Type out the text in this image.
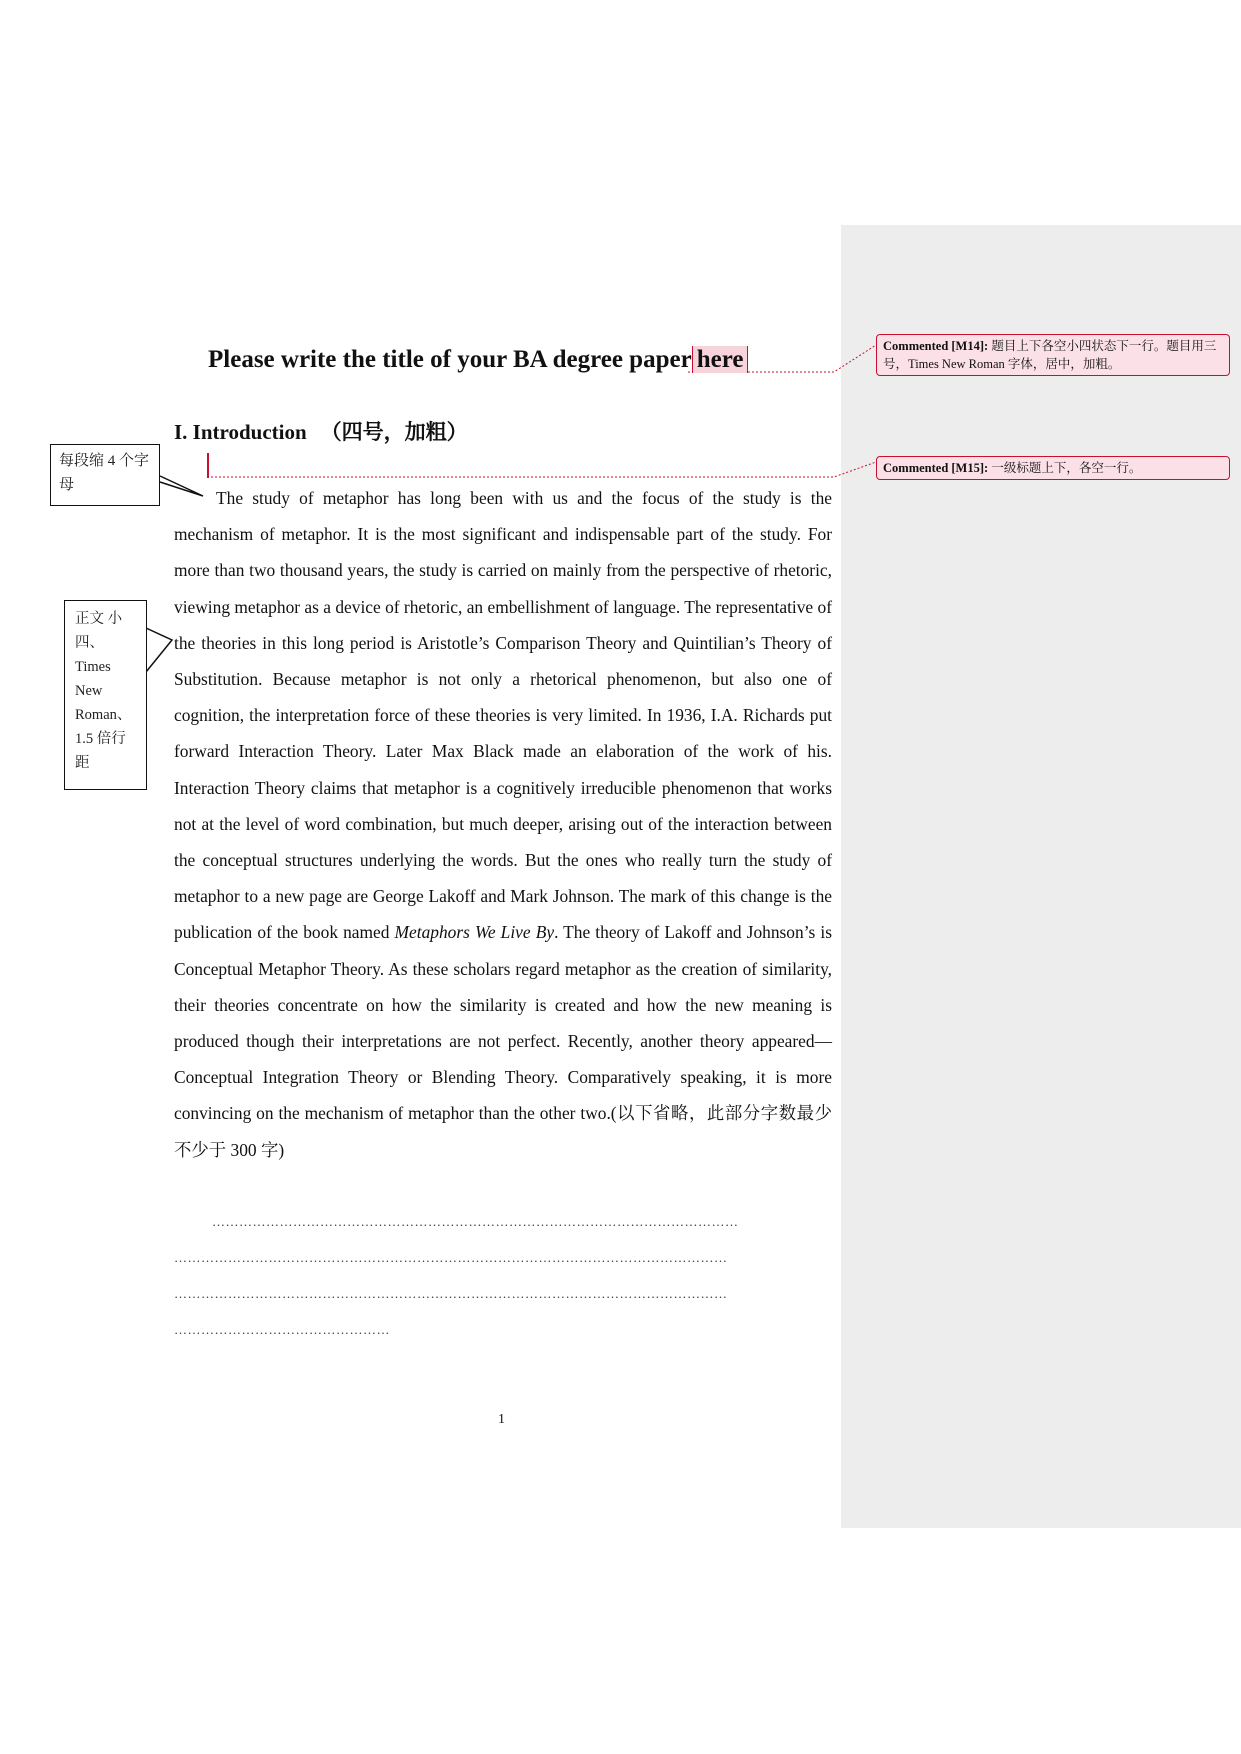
Please write the title of your BA degree paper here
I. Introduction （四号，加粗）

The study of metaphor has long been with us and the focus of the study is the mechanism of metaphor. It is the most significant and indispensable part of the study. For more than two thousand years, the study is carried on mainly from the perspective of rhetoric, viewing metaphor as a device of rhetoric, an embellishment of language. The representative of the theories in this long period is Aristotle’s Comparison Theory and Quintilian’s Theory of Substitution. Because metaphor is not only a rhetorical phenomenon, but also one of cognition, the interpretation force of these theories is very limited. In 1936, I.A. Richards put forward Interaction Theory. Later Max Black made an elaboration of the work of his. Interaction Theory claims that metaphor is a cognitively irreducible phenomenon that works not at the level of word combination, but much deeper, arising out of the interaction between the conceptual structures underlying the words. But the ones who really turn the study of metaphor to a new page are George Lakoff and Mark Johnson. The mark of this change is the publication of the book named Metaphors We Live By. The theory of Lakoff and Johnson’s is Conceptual Metaphor Theory. As these scholars regard metaphor as the creation of similarity, their theories concentrate on how the similarity is created and how the new meaning is produced though their interpretations are not perfect. Recently, another theory appeared—Conceptual Integration Theory or Blending Theory. Comparatively speaking, it is more convincing on the mechanism of metaphor than the other two.(以下省略，此部分字数最少不少于 300 字)

………………………………………………………………………………………………………
……………………………………………………………………………………………………………
……………………………………………………………………………………………………………
…………………………………………
1
每段缩 4 个字母
正文 小四、Times New Roman、1.5 倍行距
Commented [M14]: 题目上下各空小四状态下一行。题目用三号，Times New Roman 字体，居中，加粗。
Commented [M15]: 一级标题上下，各空一行。
